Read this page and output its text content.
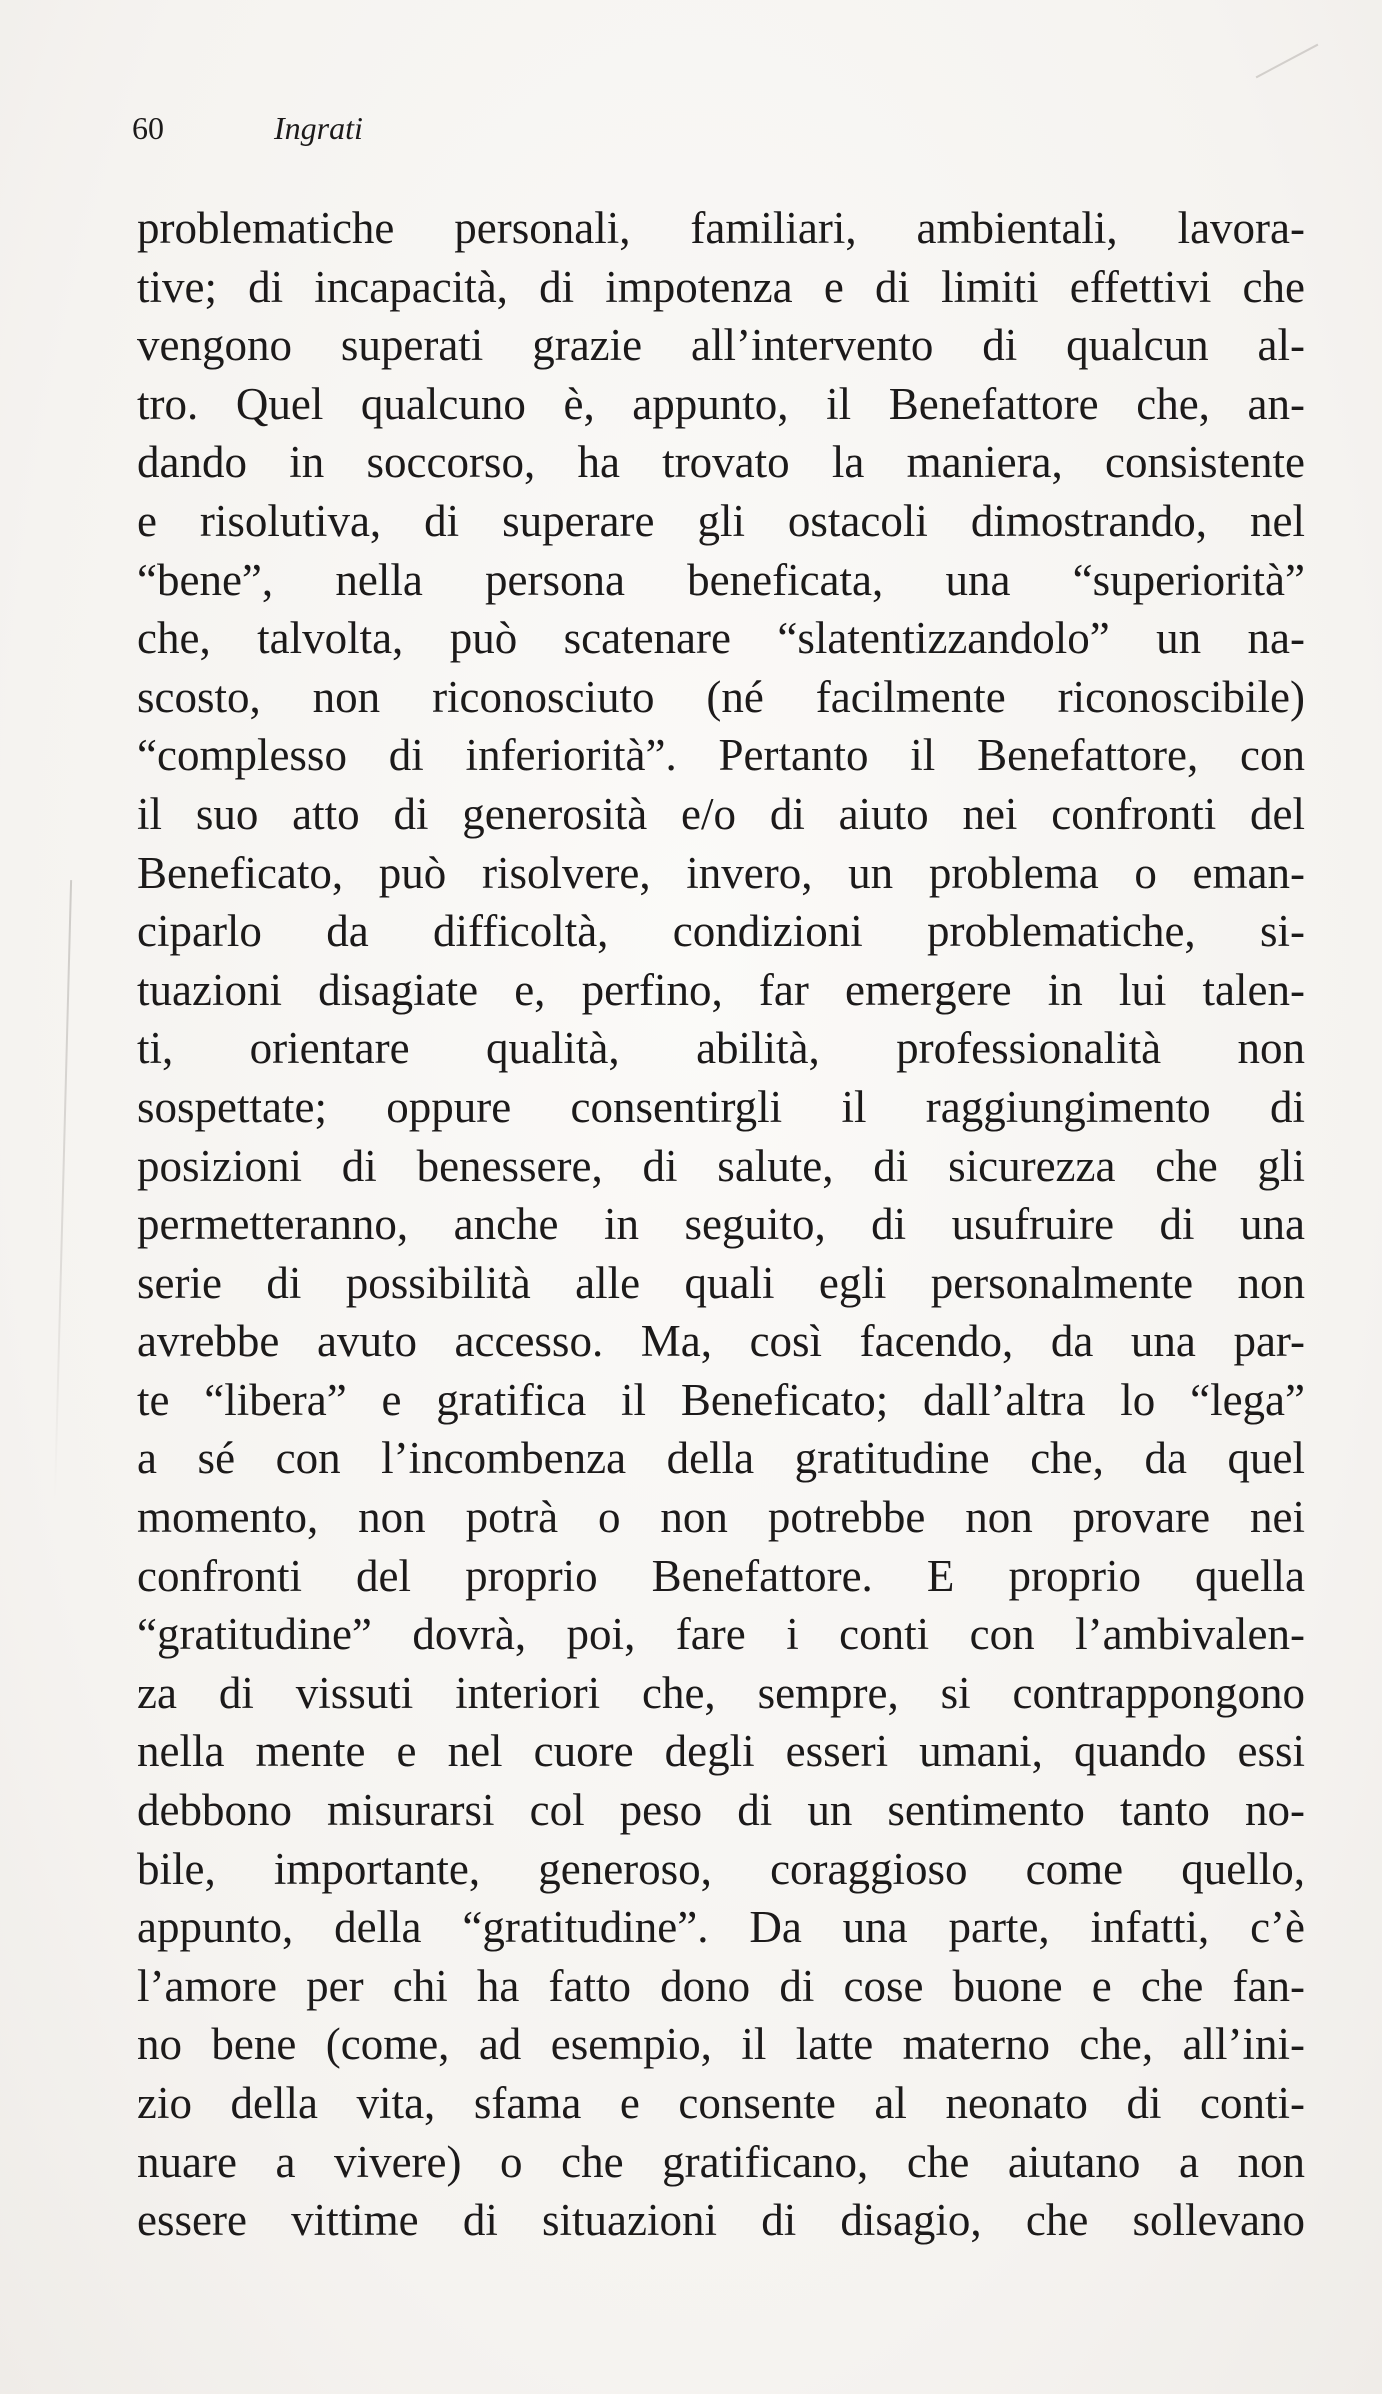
60	Ingrati
problematiche personali, familiari, ambientali, lavora-
tive; di incapacità, di impotenza e di limiti effettivi che
vengono superati grazie all’intervento di qualcun al-
tro. Quel qualcuno è, appunto, il Benefattore che, an-
dando in soccorso, ha trovato la maniera, consistente
e risolutiva, di superare gli ostacoli dimostrando, nel
“bene”, nella persona beneficata, una “superiorità”
che, talvolta, può scatenare “slatentizzandolo” un na-
scosto, non riconosciuto (né facilmente riconoscibile)
“complesso di inferiorità”. Pertanto il Benefattore, con
il suo atto di generosità e/o di aiuto nei confronti del
Beneficato, può risolvere, invero, un problema o eman-
ciparlo da difficoltà, condizioni problematiche, si-
tuazioni disagiate e, perfino, far emergere in lui talen-
ti, orientare qualità, abilità, professionalità non
sospettate; oppure consentirgli il raggiungimento di
posizioni di benessere, di salute, di sicurezza che gli
permetteranno, anche in seguito, di usufruire di una
serie di possibilità alle quali egli personalmente non
avrebbe avuto accesso. Ma, così facendo, da una par-
te “libera” e gratifica il Beneficato; dall’altra lo “lega”
a sé con l’incombenza della gratitudine che, da quel
momento, non potrà o non potrebbe non provare nei
confronti del proprio Benefattore. E proprio quella
“gratitudine” dovrà, poi, fare i conti con l’ambivalen-
za di vissuti interiori che, sempre, si contrappongono
nella mente e nel cuore degli esseri umani, quando essi
debbono misurarsi col peso di un sentimento tanto no-
bile, importante, generoso, coraggioso come quello,
appunto, della “gratitudine”. Da una parte, infatti, c’è
l’amore per chi ha fatto dono di cose buone e che fan-
no bene (come, ad esempio, il latte materno che, all’ini-
zio della vita, sfama e consente al neonato di conti-
nuare a vivere) o che gratificano, che aiutano a non
essere vittime di situazioni di disagio, che sollevano
